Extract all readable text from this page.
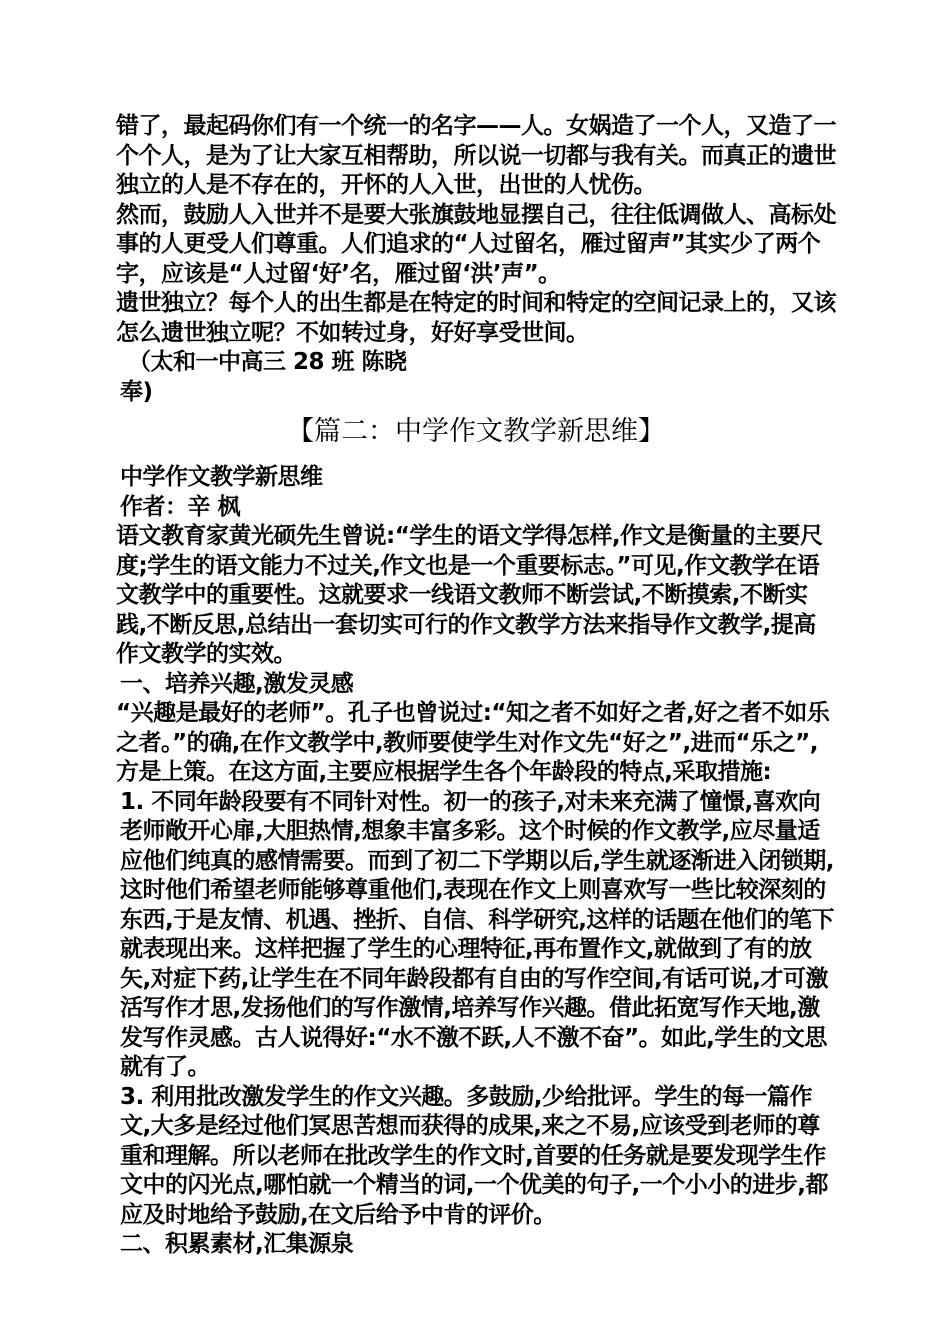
错了，最起码你们有一个统一的名字——人。女娲造了一个人，又造了一个个人，是为了让大家互相帮助，所以说一切都与我有关。而真正的遗世独立的人是不存在的，开怀的人入世，出世的人忧伤。

然而，鼓励人入世并不是要大张旗鼓地显摆自己，往往低调做人、高标处事的人更受人们尊重。人们追求的“人过留名，雁过留声”其实少了两个字，应该是“人过留‘好’名，雁过留‘洪’声”。

遗世独立？每个人的出生都是在特定的时间和特定的空间记录上的，又该怎么遗世独立呢？不如转过身，好好享受世间。

（太和一中高三 28 班 陈晓

奉)

【篇二：中学作文教学新思维】

中学作文教学新思维

作者：辛 枫

语文教育家黄光硕先生曾说:“学生的语文学得怎样,作文是衡量的主要尺度;学生的语文能力不过关,作文也是一个重要标志。”可见,作文教学在语文教学中的重要性。这就要求一线语文教师不断尝试,不断摸索,不断实践,不断反思,总结出一套切实可行的作文教学方法来指导作文教学,提高作文教学的实效。

一、培养兴趣,激发灵感

“兴趣是最好的老师”。孔子也曾说过:“知之者不如好之者,好之者不如乐之者。”的确,在作文教学中,教师要使学生对作文先“好之”,进而“乐之”,方是上策。在这方面,主要应根据学生各个年龄段的特点,采取措施:

1. 不同年龄段要有不同针对性。初一的孩子,对未来充满了憧憬,喜欢向老师敞开心扉,大胆热情,想象丰富多彩。这个时候的作文教学,应尽量适应他们纯真的感情需要。而到了初二下学期以后,学生就逐渐进入闭锁期,这时他们希望老师能够尊重他们,表现在作文上则喜欢写一些比较深刻的东西,于是友情、机遇、挫折、自信、科学研究,这样的话题在他们的笔下就表现出来。这样把握了学生的心理特征,再布置作文,就做到了有的放矢,对症下药,让学生在不同年龄段都有自由的写作空间,有话可说,才可激活写作才思,发扬他们的写作激情,培养写作兴趣。借此拓宽写作天地,激发写作灵感。古人说得好:“水不激不跃,人不激不奋”。如此,学生的文思就有了。

3. 利用批改激发学生的作文兴趣。多鼓励,少给批评。学生的每一篇作文,大多是经过他们冥思苦想而获得的成果,来之不易,应该受到老师的尊重和理解。所以老师在批改学生的作文时,首要的任务就是要发现学生作文中的闪光点,哪怕就一个精当的词,一个优美的句子,一个小小的进步,都应及时地给予鼓励,在文后给予中肯的评价。

二、积累素材,汇集源泉
